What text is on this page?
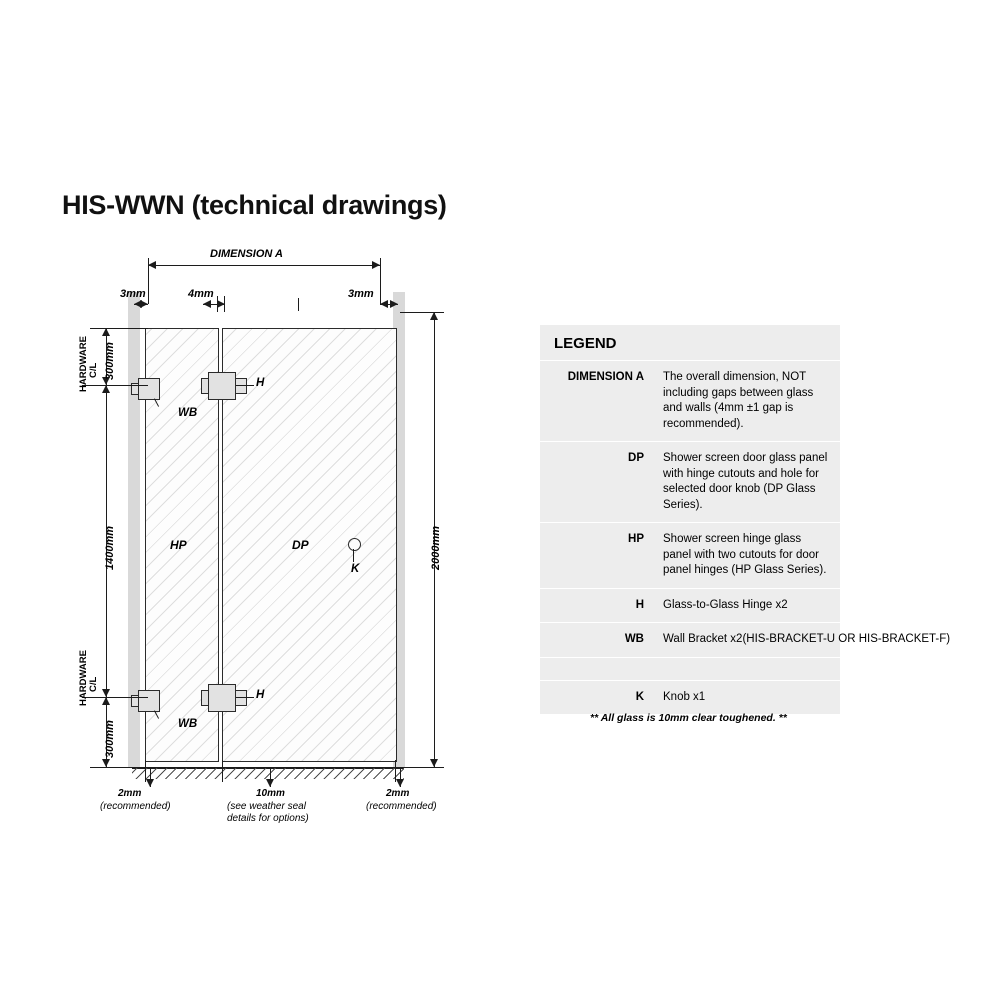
HIS-WWN (technical drawings)
HP	DP
H
H
WB
WB
K
DIMENSION A
3mm	4mm	3mm
2000mm
300mm
C/L
HARDWARE
1400mm
C/L
HARDWARE
300mm
2mm
(recommended)
10mm
(see weather seal
details for options)
2mm
(recommended)
LEGEND
DIMENSION A	The overall dimension, NOT including gaps between glass and walls (4mm ±1 gap is recommended).
DP	Shower screen door glass panel with hinge cutouts and hole for selected door knob (DP Glass Series).
HP	Shower screen hinge glass panel with two cutouts for door panel hinges (HP Glass Series).
H	Glass-to-Glass Hinge x2
WB	Wall Bracket x2(HIS-BRACKET-U OR HIS-BRACKET-F)
K	Knob x1
** All glass is 10mm clear toughened. **
